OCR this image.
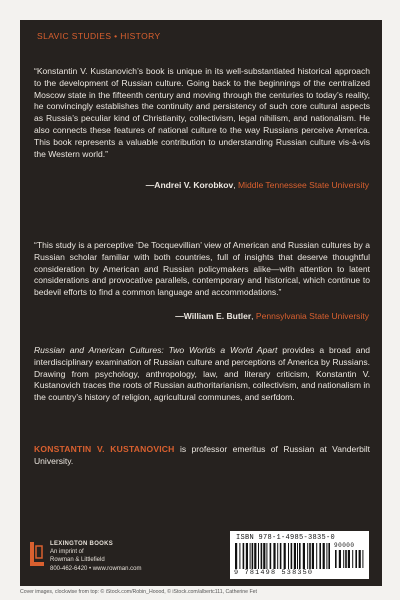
SLAVIC STUDIES • HISTORY
“Konstantin V. Kustanovich’s book is unique in its well-substantiated historical approach to the development of Russian culture. Going back to the beginnings of the centralized Moscow state in the fifteenth century and moving through the centuries to today’s reality, he convincingly establishes the continuity and persistency of such core cultural aspects as Russia’s peculiar kind of Christianity, collectivism, legal nihilism, and nationalism. He also connects these features of national culture to the way Russians perceive America. This book represents a valuable contribution to understanding Russian culture vis-à-vis the Western world.”
—Andrei V. Korobkov, Middle Tennessee State University
“This study is a perceptive ‘De Tocquevillian’ view of American and Russian cultures by a Russian scholar familiar with both countries, full of insights that deserve thoughtful consideration by American and Russian policymakers alike—with attention to latent considerations and provocative parallels, contemporary and historical, which continue to bedevil efforts to find a common language and accommodations.”
—William E. Butler, Pennsylvania State University
Russian and American Cultures: Two Worlds a World Apart provides a broad and interdisciplinary examination of Russian culture and perceptions of America by Russians. Drawing from psychology, anthropology, law, and literary criticism, Konstantin V. Kustanovich traces the roots of Russian authoritarianism, collectivism, and nationalism in the country’s history of religion, agricultural communes, and serfdom.
KONSTANTIN V. KUSTANOVICH is professor emeritus of Russian at Vanderbilt University.
LEXINGTON BOOKS
An imprint of
Rowman & Littlefield
800-462-6420 • www.rowman.com
ISBN 978-1-4985-3835-0
9 781498 538350
90000
Cover images, clockwise from top: © iStock.com/Robin_Hoood, © iStock.com/albertc111, Catherine Fet
